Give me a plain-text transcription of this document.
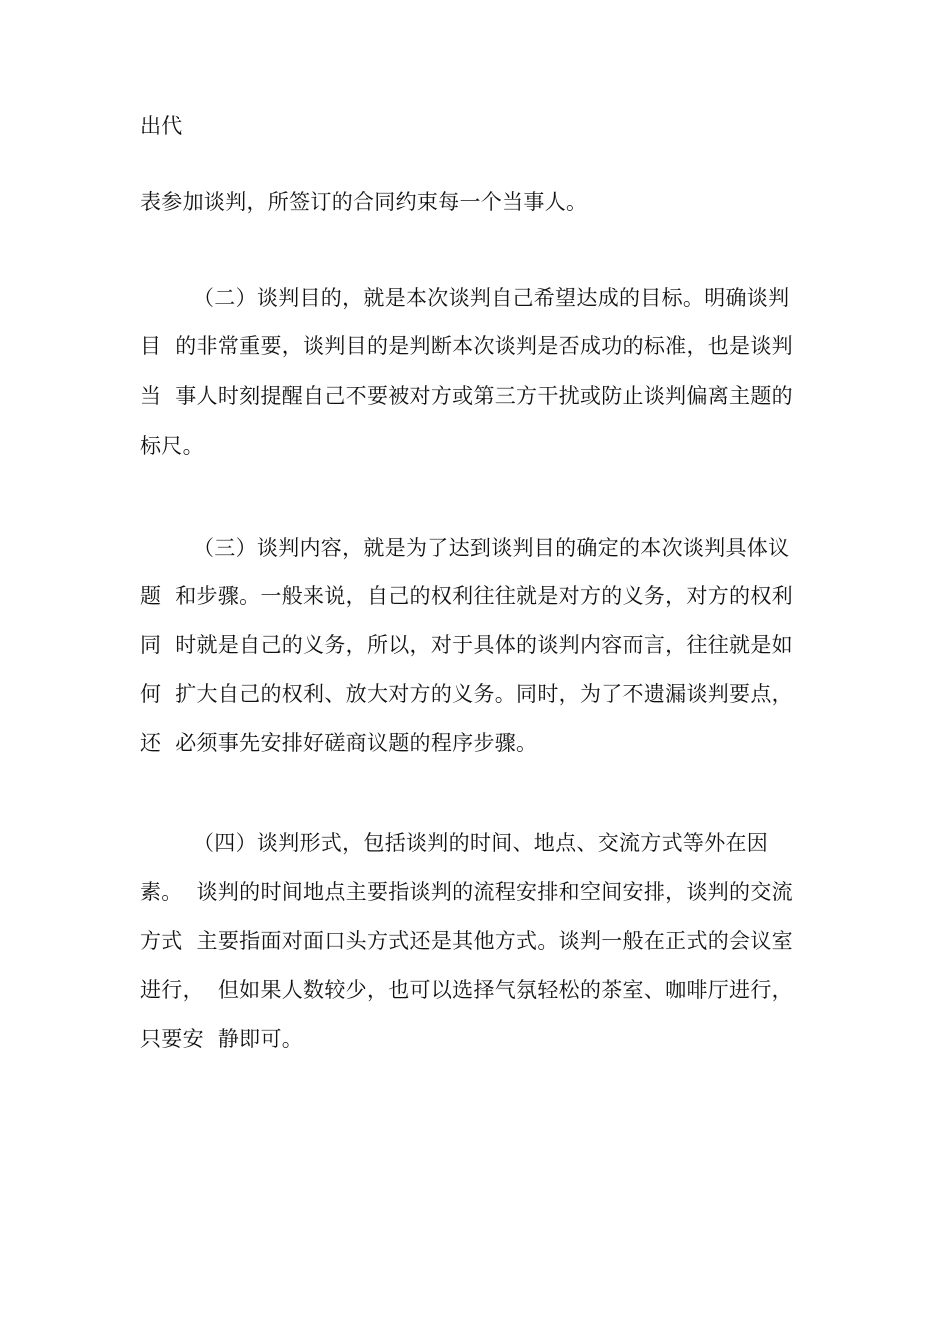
出代
表参加谈判，所签订的合同约束每一个当事人。
（二）谈判目的，就是本次谈判自己希望达成的目标。明确谈判
目  的非常重要，谈判目的是判断本次谈判是否成功的标准，也是谈判
当  事人时刻提醒自己不要被对方或第三方干扰或防止谈判偏离主题的
标尺。
（三）谈判内容，就是为了达到谈判目的确定的本次谈判具体议
题  和步骤。一般来说，自己的权利往往就是对方的义务，对方的权利
同  时就是自己的义务，所以，对于具体的谈判内容而言，往往就是如
何  扩大自己的权利、放大对方的义务。同时，为了不遗漏谈判要点，
还  必须事先安排好磋商议题的程序步骤。
（四）谈判形式，包括谈判的时间、地点、交流方式等外在因
素。  谈判的时间地点主要指谈判的流程安排和空间安排，谈判的交流
方式  主要指面对面口头方式还是其他方式。谈判一般在正式的会议室
进行，  但如果人数较少，也可以选择气氛轻松的茶室、咖啡厅进行，
只要安  静即可。
